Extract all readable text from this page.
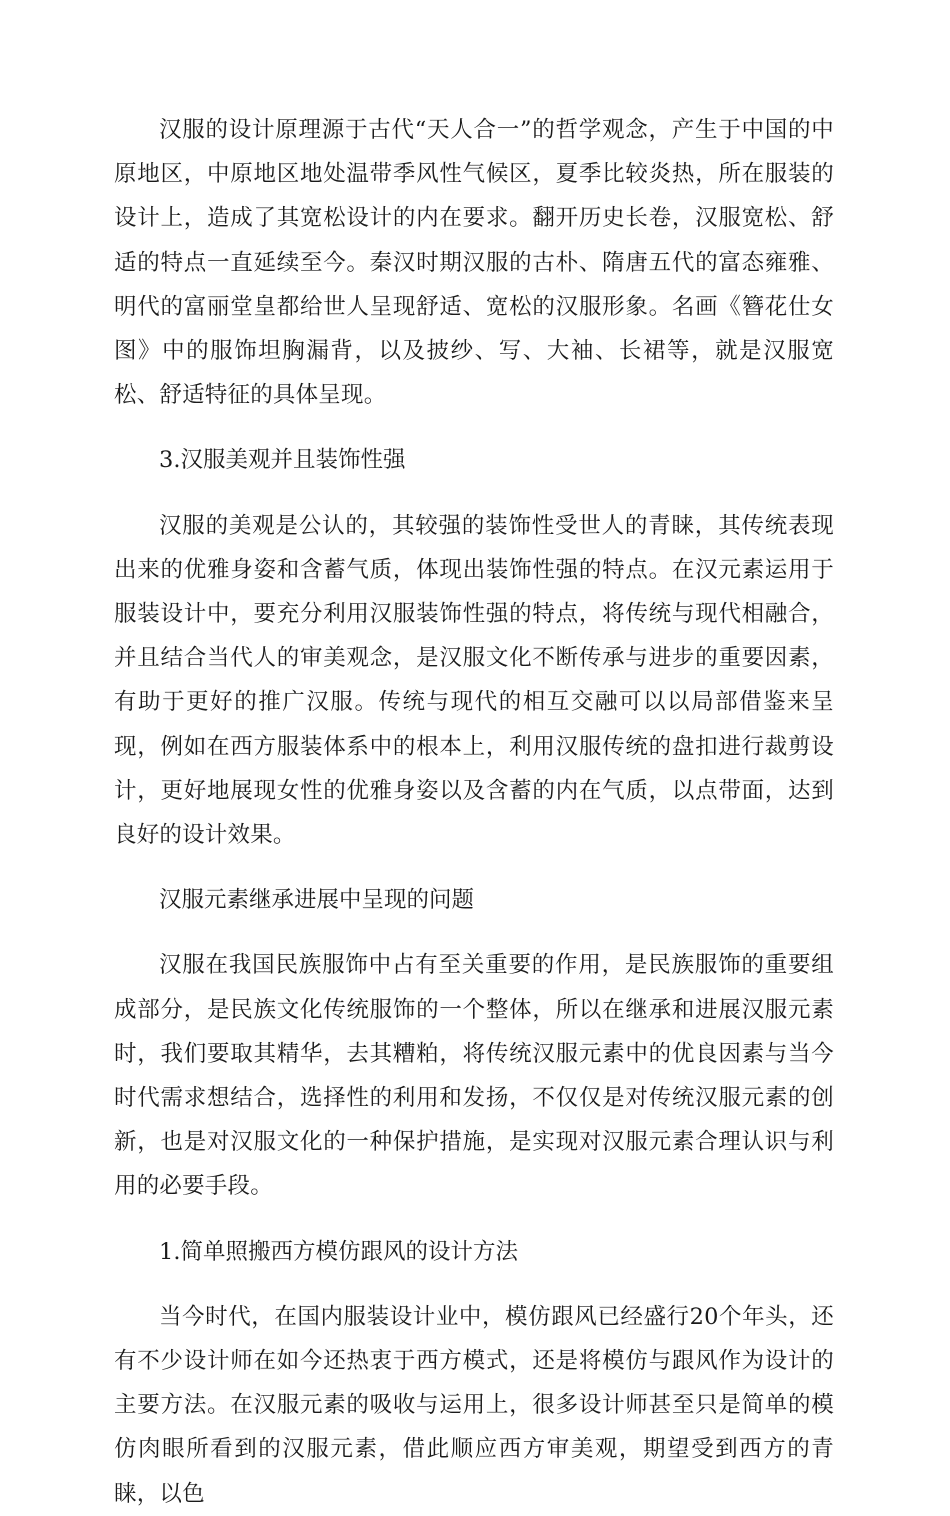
汉服的设计原理源于古代“天人合一”的哲学观念，产生于中国的中原地区，中原地区地处温带季风性气候区，夏季比较炎热，所在服装的设计上，造成了其宽松设计的内在要求。翻开历史长卷，汉服宽松、舒适的特点一直延续至今。秦汉时期汉服的古朴、隋唐五代的富态雍雅、明代的富丽堂皇都给世人呈现舒适、宽松的汉服形象。名画《簪花仕女图》中的服饰坦胸漏背，以及披纱、写、大袖、长裙等，就是汉服宽松、舒适特征的具体呈现。

3.汉服美观并且装饰性强

汉服的美观是公认的，其较强的装饰性受世人的青睐，其传统表现出来的优雅身姿和含蓄气质，体现出装饰性强的特点。在汉元素运用于服装设计中，要充分利用汉服装饰性强的特点，将传统与现代相融合，并且结合当代人的审美观念，是汉服文化不断传承与进步的重要因素，有助于更好的推广汉服。传统与现代的相互交融可以以局部借鉴来呈现，例如在西方服装体系中的根本上，利用汉服传统的盘扣进行裁剪设计，更好地展现女性的优雅身姿以及含蓄的内在气质，以点带面，达到良好的设计效果。

汉服元素继承进展中呈现的问题

汉服在我国民族服饰中占有至关重要的作用，是民族服饰的重要组成部分，是民族文化传统服饰的一个整体，所以在继承和进展汉服元素时，我们要取其精华，去其糟粕，将传统汉服元素中的优良因素与当今时代需求想结合，选择性的利用和发扬，不仅仅是对传统汉服元素的创新，也是对汉服文化的一种保护措施，是实现对汉服元素合理认识与利用的必要手段。

1.简单照搬西方模仿跟风的设计方法

当今时代，在国内服装设计业中，模仿跟风已经盛行20个年头，还有不少设计师在如今还热衷于西方模式，还是将模仿与跟风作为设计的主要方法。在汉服元素的吸收与运用上，很多设计师甚至只是简单的模仿肉眼所看到的汉服元素，借此顺应西方审美观，期望受到西方的青睐，以色
